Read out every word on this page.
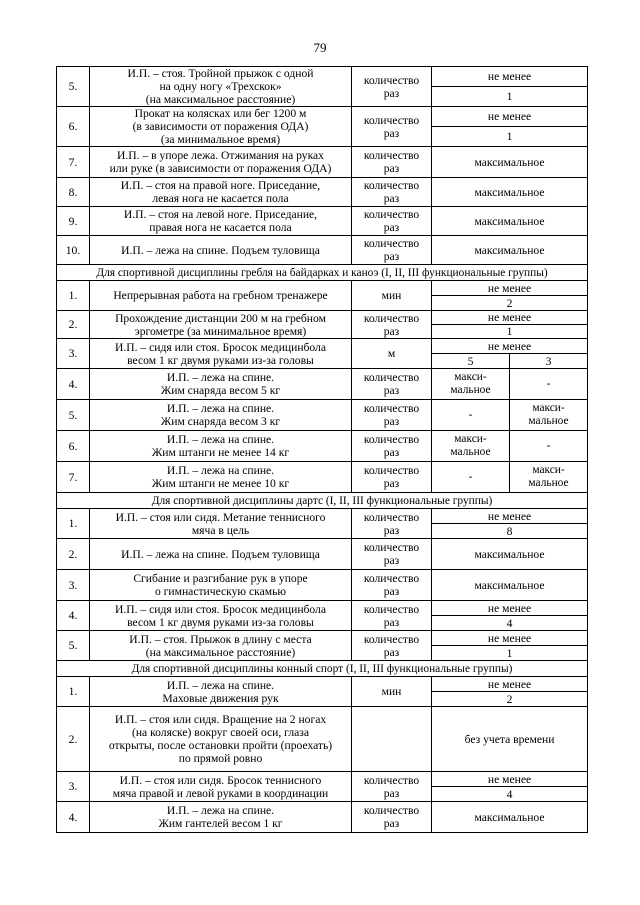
79
5.	И.П. – стоя. Тройной прыжок с одной
на одну ногу «Трехскок»
(на максимальное расстояние)	количество
раз	не менее	
			1	
6.	Прокат на колясках или бег 1200 м
(в зависимости от поражения ОДА)
(за минимальное время)	количество
раз	не менее	
			1	
7.	И.П. – в упоре лежа. Отжимания на руках
или руке (в зависимости от поражения ОДА)	количество
раз	максимальное	
8.	И.П. – стоя на правой ноге. Приседание,
левая нога не касается пола	количество
раз	максимальное	
9.	И.П. – стоя на левой ноге. Приседание,
правая нога не касается пола	количество
раз	максимальное	
10.	И.П. – лежа на спине. Подъем туловища	количество
раз	максимальное	
Для спортивной дисциплины гребля на байдарках и каноэ (I, II, III функциональные группы)				
1.	Непрерывная работа на гребном тренажере	мин	не менее	
			2	
2.	Прохождение дистанции 200 м на гребном
эргометре (за минимальное время)	количество
раз	не менее	
			1	
3.	И.П. – сидя или стоя. Бросок медицинбола
весом 1 кг двумя руками из-за головы	м	не менее	
			5	3
4.	И.П. – лежа на спине.
Жим снаряда весом 5 кг	количество
раз	макси-
мальное	-
5.	И.П. – лежа на спине.
Жим снаряда весом 3 кг	количество
раз	-	макси-
мальное
6.	И.П. – лежа на спине.
Жим штанги не менее 14 кг	количество
раз	макси-
мальное	-
7.	И.П. – лежа на спине.
Жим штанги не менее 10 кг	количество
раз	-	макси-
мальное
Для спортивной дисциплины дартс (I, II, III функциональные группы)				
1.	И.П. – стоя или сидя. Метание теннисного
мяча в цель	количество
раз	не менее	
			8	
2.	И.П. – лежа на спине. Подъем туловища	количество
раз	максимальное	
3.	Сгибание и разгибание рук в упоре
о гимнастическую скамью	количество
раз	максимальное	
4.	И.П. – сидя или стоя. Бросок медицинбола
весом 1 кг двумя руками из-за головы	количество
раз	не менее	
			4	
5.	И.П. – стоя. Прыжок в длину с места
(на максимальное расстояние)	количество
раз	не менее	
			1	
Для спортивной дисциплины конный спорт (I, II, III функциональные группы)				
1.	И.П. – лежа на спине.
Маховые движения рук	мин	не менее	
			2	
2.	И.П. – стоя или сидя. Вращение на 2 ногах
(на коляске) вокруг своей оси, глаза
открыты, после остановки пройти (проехать)
по прямой ровно		без учета времени	
3.	И.П. – стоя или сидя. Бросок теннисного
мяча правой и левой руками в координации	количество
раз	не менее	
			4	
4.	И.П. – лежа на спине.
Жим гантелей весом 1 кг	количество
раз	максимальное	
